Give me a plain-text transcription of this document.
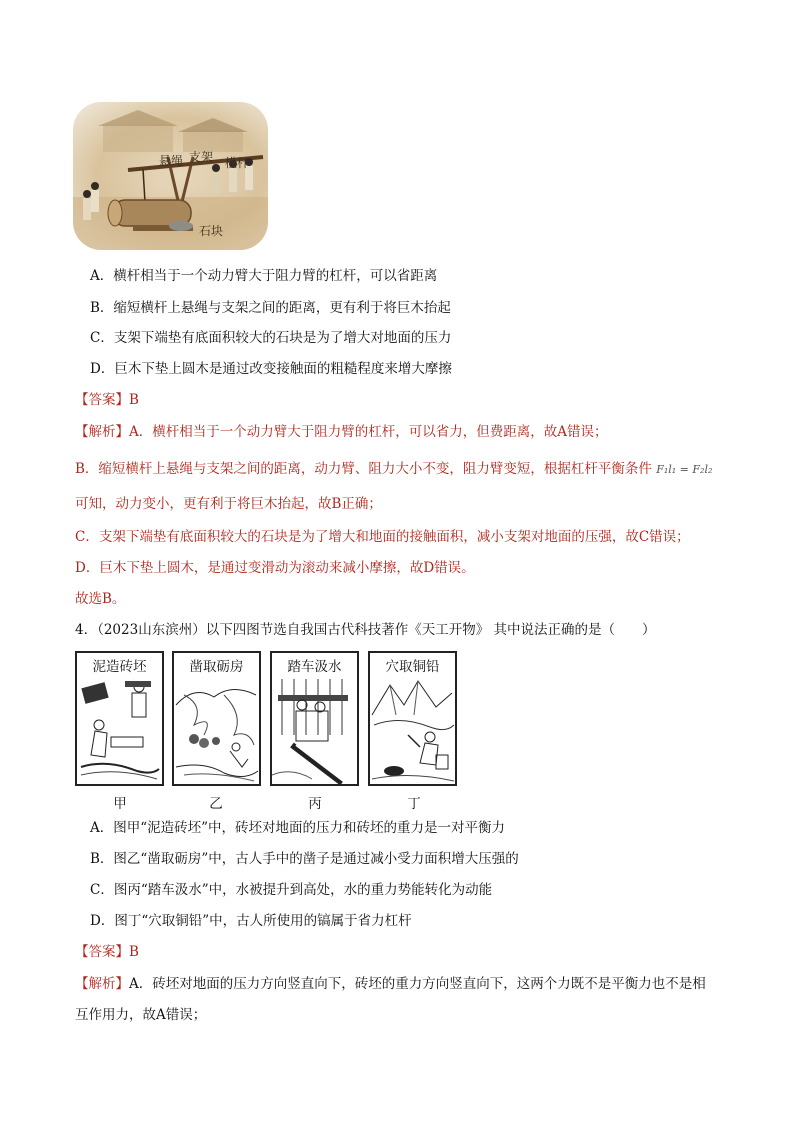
悬绳 支架 横杆
石块
A．横杆相当于一个动力臂大于阻力臂的杠杆，可以省距离
B．缩短横杆上悬绳与支架之间的距离，更有利于将巨木抬起
C．支架下端垫有底面积较大的石块是为了增大对地面的压力
D．巨木下垫上圆木是通过改变接触面的粗糙程度来增大摩擦
【答案】B
【解析】A．横杆相当于一个动力臂大于阻力臂的杠杆，可以省力，但费距离，故A错误；
B．缩短横杆上悬绳与支架之间的距离，动力臂、阻力大小不变，阻力臂变短，根据杠杆平衡条件 F₁l₁ = F₂l₂
可知，动力变小，更有利于将巨木抬起，故B正确；
C．支架下端垫有底面积较大的石块是为了增大和地面的接触面积，减小支架对地面的压强，故C错误；
D．巨木下垫上圆木，是通过变滑动为滚动来减小摩擦，故D错误。
故选B。
4．（2023山东滨州）以下四图节选自我国古代科技著作《天工开物》 其中说法正确的是（　　）
泥造砖坯	凿取砺房	踏车汲水	穴取铜铅
甲	乙	丙	丁
A．图甲“泥造砖坯”中，砖坯对地面的压力和砖坯的重力是一对平衡力
B．图乙“凿取砺房”中，古人手中的凿子是通过减小受力面积增大压强的
C．图丙“踏车汲水”中，水被提升到高处，水的重力势能转化为动能
D．图丁“穴取铜铅”中，古人所使用的镐属于省力杠杆
【答案】B
【解析】A．砖坯对地面的压力方向竖直向下，砖坯的重力方向竖直向下，这两个力既不是平衡力也不是相
互作用力，故A错误；
